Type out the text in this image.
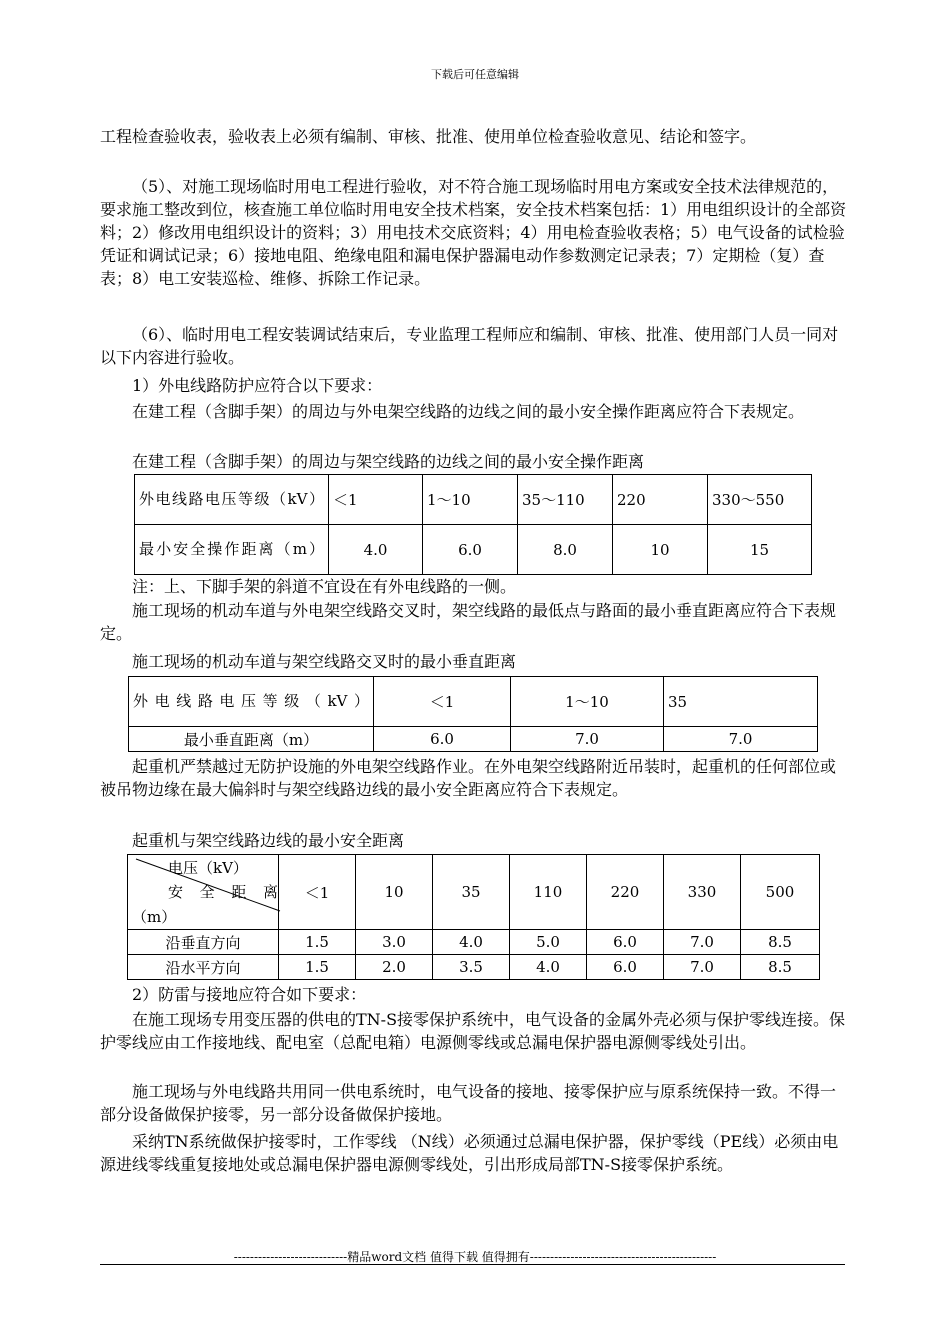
下载后可任意编辑

工程检查验收表，验收表上必须有编制、审核、批准、使用单位检查验收意见、结论和签字。

（5）、对施工现场临时用电工程进行验收，对不符合施工现场临时用电方案或安全技术法律规范的，要求施工整改到位，核查施工单位临时用电安全技术档案，安全技术档案包括：1）用电组织设计的全部资料；2）修改用电组织设计的资料；3）用电技术交底资料；4）用电检查验收表格；5）电气设备的试检验凭证和调试记录；6）接地电阻、绝缘电阻和漏电保护器漏电动作参数测定记录表；7）定期检（复）查表；8）电工安装巡检、维修、拆除工作记录。

（6）、临时用电工程安装调试结束后，专业监理工程师应和编制、审核、批准、使用部门人员一同对以下内容进行验收。

1）外电线路防护应符合以下要求：

在建工程（含脚手架）的周边与外电架空线路的边线之间的最小安全操作距离应符合下表规定。

在建工程（含脚手架）的周边与架空线路的边线之间的最小安全操作距离

外电线路电压等级（kV）	＜1	1～10	35～110	220	330～550
最小安全操作距离（m）	4.0	6.0	8.0	10	15

注：上、下脚手架的斜道不宜设在有外电线路的一侧。

施工现场的机动车道与外电架空线路交叉时，架空线路的最低点与路面的最小垂直距离应符合下表规定。

施工现场的机动车道与架空线路交叉时的最小垂直距离

外电线路电压等级（kV）	＜1	1～10	35
最小垂直距离（m）	6.0	7.0	7.0

起重机严禁越过无防护设施的外电架空线路作业。在外电架空线路附近吊装时，起重机的任何部位或被吊物边缘在最大偏斜时与架空线路边线的最小安全距离应符合下表规定。

起重机与架空线路边线的最小安全距离

电压（kV）
安全距离
（m）	＜1	10	35	110	220	330	500
沿垂直方向	1.5	3.0	4.0	5.0	6.0	7.0	8.5
沿水平方向	1.5	2.0	3.5	4.0	6.0	7.0	8.5

2）防雷与接地应符合如下要求：

在施工现场专用变压器的供电的TN-S接零保护系统中，电气设备的金属外壳必须与保护零线连接。保护零线应由工作接地线、配电室（总配电箱）电源侧零线或总漏电保护器电源侧零线处引出。

施工现场与外电线路共用同一供电系统时，电气设备的接地、接零保护应与原系统保持一致。不得一部分设备做保护接零，另一部分设备做保护接地。

采纳TN系统做保护接零时，工作零线 （N线）必须通过总漏电保护器，保护零线（PE线）必须由电源进线零线重复接地处或总漏电保护器电源侧零线处，引出形成局部TN-S接零保护系统。

----------------------------精品word文档 值得下载 值得拥有----------------------------------------------
